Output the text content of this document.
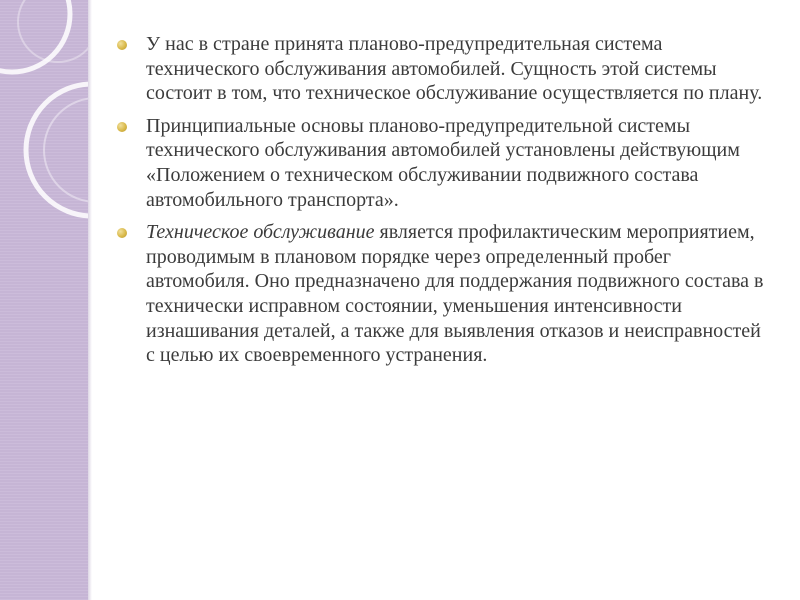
У нас в стране принята планово-предупредительная система технического обслуживания автомобилей. Сущность этой системы состоит в том, что техническое обслуживание осуществляется по плану.
Принципиальные основы планово-предупредительной системы технического обслуживания автомобилей установлены действующим «Положением о техническом обслуживании подвижного состава автомобильного транспорта».
Техническое обслуживание является профилактическим мероприятием, проводимым в плановом порядке через определенный пробег автомобиля. Оно предназначено для поддержания подвижного состава в технически исправном состоянии, уменьшения интенсивности изнашивания деталей, а также для выявления отказов и неисправностей с целью их своевременного устранения.
